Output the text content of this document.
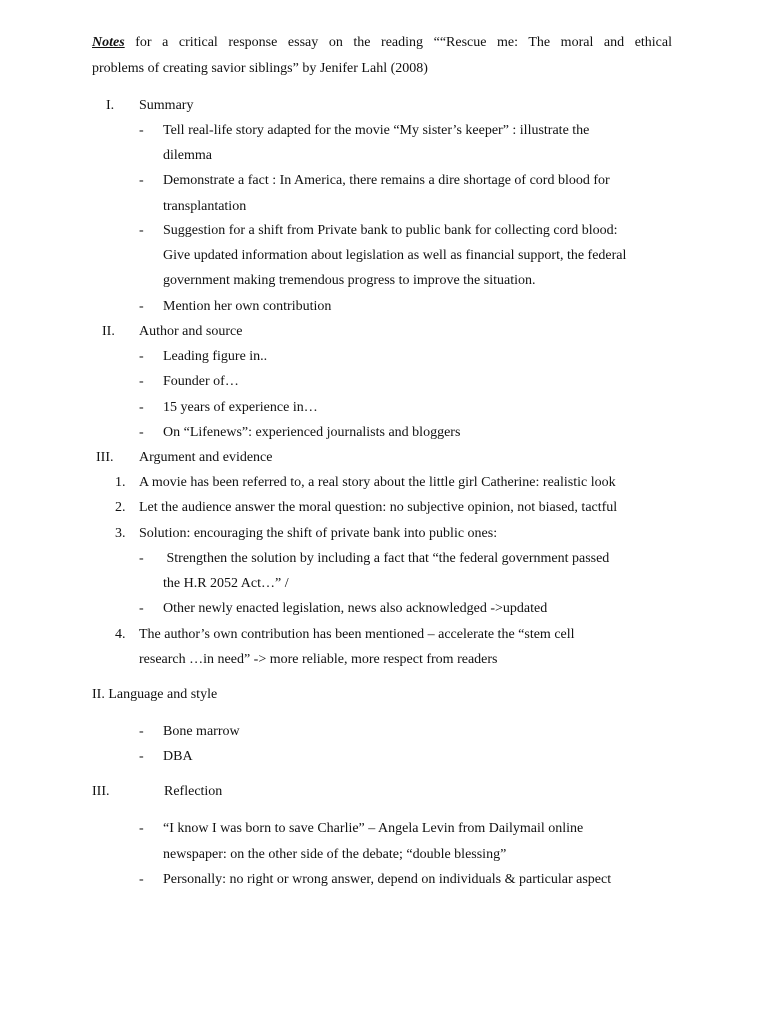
Notes for a critical response essay on the reading ““Rescue me: The moral and ethical
problems of creating savior siblings” by Jenifer Lahl (2008)
I. Summary
- Tell real-life story adapted for the movie “My sister’s keeper” : illustrate the
dilemma
- Demonstrate a fact : In America, there remains a dire shortage of cord blood for
transplantation
- Suggestion for a shift from Private bank to public bank for collecting cord blood:
Give updated information about legislation as well as financial support, the federal
government making tremendous progress to improve the situation.
- Mention her own contribution
II. Author and source
- Leading figure in..
- Founder of…
- 15 years of experience in…
- On “Lifenews”: experienced journalists and bloggers
III. Argument and evidence
1. A movie has been referred to, a real story about the little girl Catherine: realistic look
2. Let the audience answer the moral question: no subjective opinion, not biased, tactful
3. Solution: encouraging the shift of private bank into public ones:
- Strengthen the solution by including a fact that “the federal government passed
the H.R 2052 Act…” /
- Other newly enacted legislation, news also acknowledged ->updated
4. The author’s own contribution has been mentioned – accelerate the “stem cell
research …in need” -> more reliable, more respect from readers
II. Language and style
- Bone marrow
- DBA
III.	Reflection
- “I know I was born to save Charlie” – Angela Levin from Dailymail online
newspaper: on the other side of the debate; “double blessing”
- Personally: no right or wrong answer, depend on individuals & particular aspect
